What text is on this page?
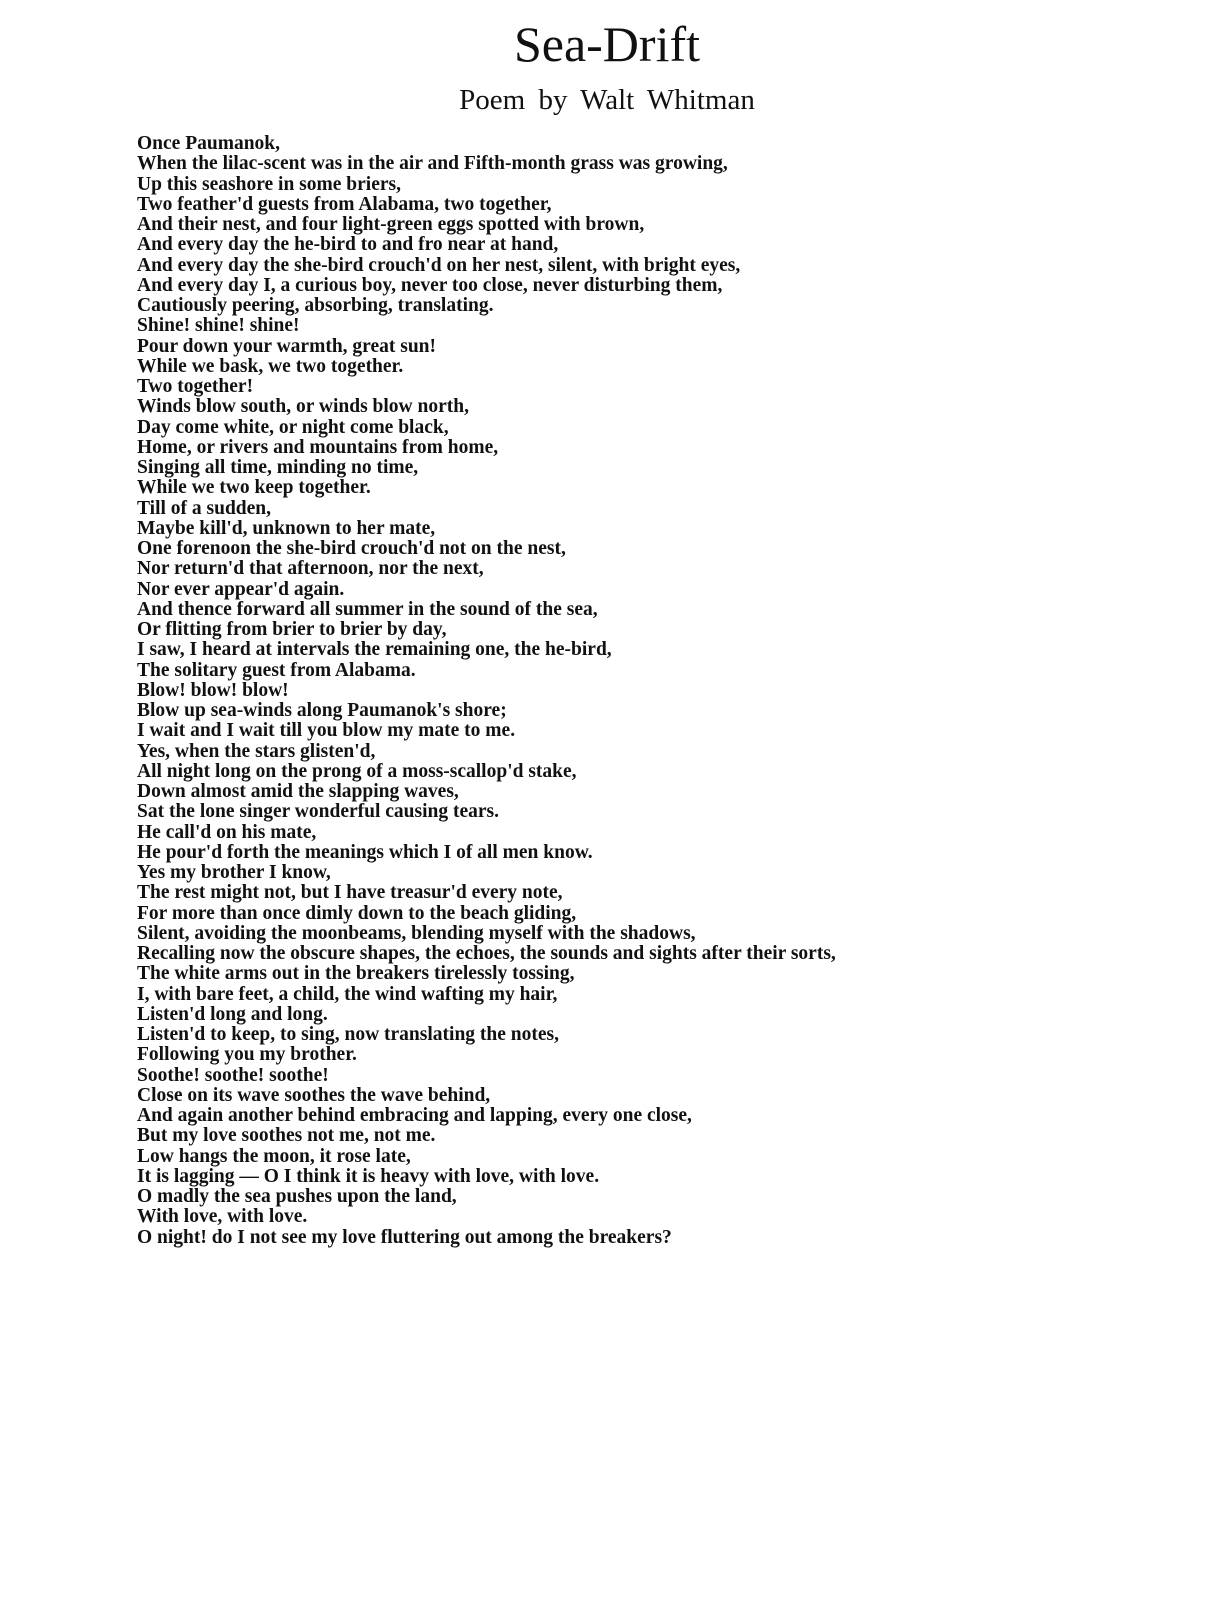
Sea-Drift
Poem by Walt Whitman
Once Paumanok,
When the lilac-scent was in the air and Fifth-month grass was growing,
Up this seashore in some briers,
Two feather'd guests from Alabama, two together,
And their nest, and four light-green eggs spotted with brown,
And every day the he-bird to and fro near at hand,
And every day the she-bird crouch'd on her nest, silent, with bright eyes,
And every day I, a curious boy, never too close, never disturbing them,
Cautiously peering, absorbing, translating.
Shine! shine! shine!
Pour down your warmth, great sun!
While we bask, we two together.
Two together!
Winds blow south, or winds blow north,
Day come white, or night come black,
Home, or rivers and mountains from home,
Singing all time, minding no time,
While we two keep together.
Till of a sudden,
Maybe kill'd, unknown to her mate,
One forenoon the she-bird crouch'd not on the nest,
Nor return'd that afternoon, nor the next,
Nor ever appear'd again.
And thence forward all summer in the sound of the sea,
Or flitting from brier to brier by day,
I saw, I heard at intervals the remaining one, the he-bird,
The solitary guest from Alabama.
Blow! blow! blow!
Blow up sea-winds along Paumanok's shore;
I wait and I wait till you blow my mate to me.
Yes, when the stars glisten'd,
All night long on the prong of a moss-scallop'd stake,
Down almost amid the slapping waves,
Sat the lone singer wonderful causing tears.
He call'd on his mate,
He pour'd forth the meanings which I of all men know.
Yes my brother I know,
The rest might not, but I have treasur'd every note,
For more than once dimly down to the beach gliding,
Silent, avoiding the moonbeams, blending myself with the shadows,
Recalling now the obscure shapes, the echoes, the sounds and sights after their sorts,
The white arms out in the breakers tirelessly tossing,
I, with bare feet, a child, the wind wafting my hair,
Listen'd long and long.
Listen'd to keep, to sing, now translating the notes,
Following you my brother.
Soothe! soothe! soothe!
Close on its wave soothes the wave behind,
And again another behind embracing and lapping, every one close,
But my love soothes not me, not me.
Low hangs the moon, it rose late,
It is lagging — O I think it is heavy with love, with love.
O madly the sea pushes upon the land,
With love, with love.
O night! do I not see my love fluttering out among the breakers?
